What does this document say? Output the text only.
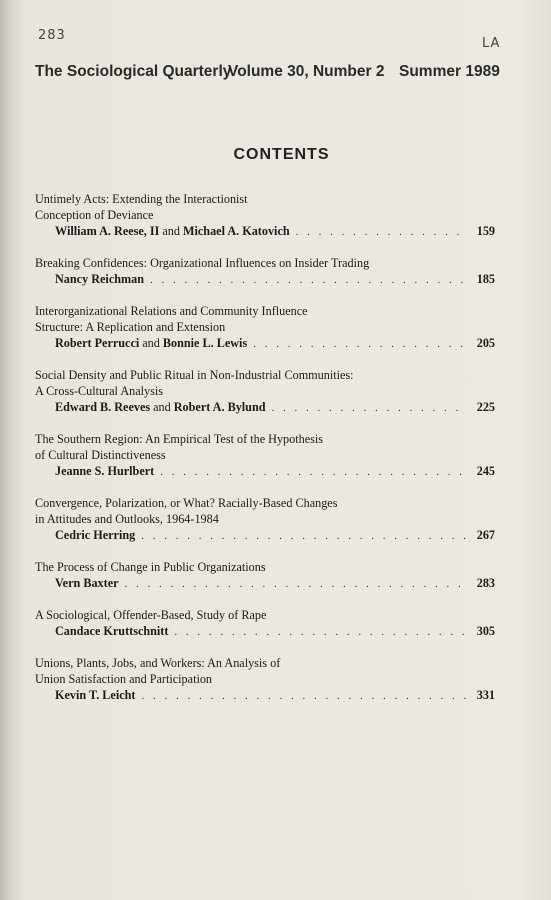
283
LA
The Sociological Quarterly
Volume 30, Number 2 Summer 1989
CONTENTS
Untimely Acts: Extending the Interactionist
Conception of Deviance
William A. Reese, II and Michael A. Katovich . . .	159
Breaking Confidences: Organizational Influences on Insider Trading
Nancy Reichman . . .	185
Interorganizational Relations and Community Influence
Structure: A Replication and Extension
Robert Perrucci and Bonnie L. Lewis . . .	205
Social Density and Public Ritual in Non-Industrial Communities:
A Cross-Cultural Analysis
Edward B. Reeves and Robert A. Bylund . . .	225
The Southern Region: An Empirical Test of the Hypothesis
of Cultural Distinctiveness
Jeanne S. Hurlbert . . .	245
Convergence, Polarization, or What? Racially-Based Changes
in Attitudes and Outlooks, 1964-1984
Cedric Herring . . .	267
The Process of Change in Public Organizations
Vern Baxter . . .	283
A Sociological, Offender-Based, Study of Rape
Candace Kruttschnitt . . .	305
Unions, Plants, Jobs, and Workers: An Analysis of
Union Satisfaction and Participation
Kevin T. Leicht . . .	331
